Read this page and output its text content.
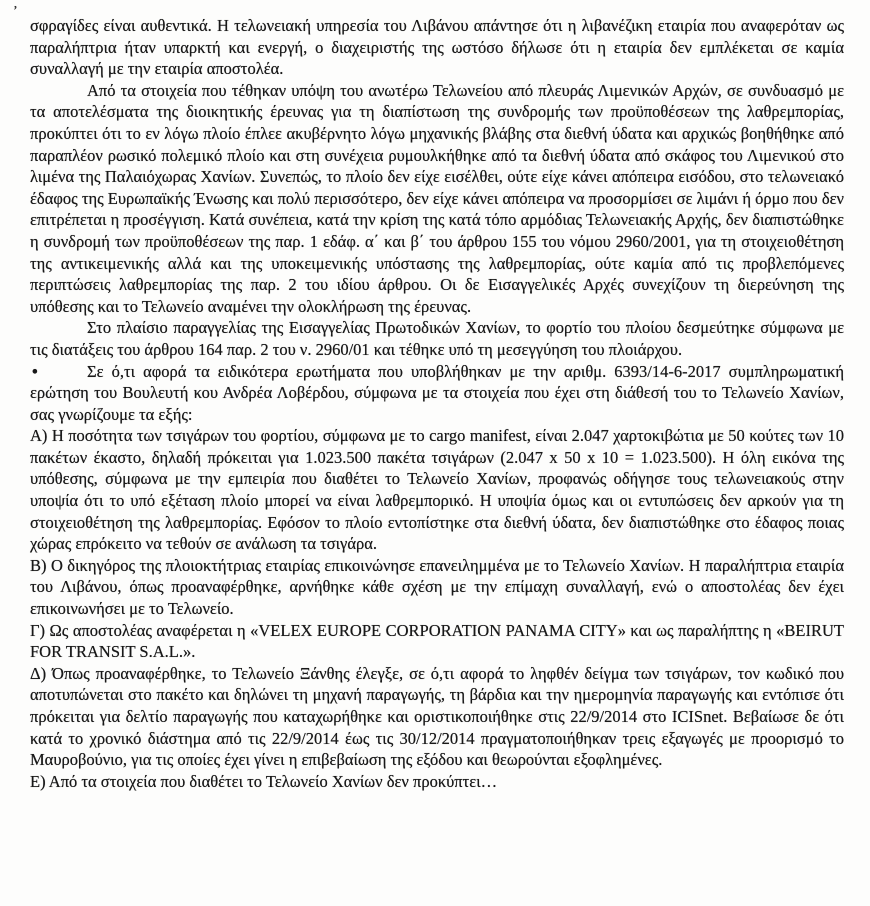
’

σφραγίδες είναι αυθεντικά. Η τελωνειακή υπηρεσία του Λιβάνου απάντησε ότι η λιβανέζικη εταιρία που αναφερόταν ως παραλήπτρια ήταν υπαρκτή και ενεργή, ο διαχειριστής της ωστόσο δήλωσε ότι η εταιρία δεν εμπλέκεται σε καμία συναλλαγή με την εταιρία αποστολέα.

Από τα στοιχεία που τέθηκαν υπόψη του ανωτέρω Τελωνείου από πλευράς Λιμενικών Αρχών, σε συνδυασμό με τα αποτελέσματα της διοικητικής έρευνας για τη διαπίστωση της συνδρομής των προϋποθέσεων της λαθρεμπορίας, προκύπτει ότι το εν λόγω πλοίο έπλεε ακυβέρνητο λόγω μηχανικής βλάβης στα διεθνή ύδατα και αρχικώς βοηθήθηκε από παραπλέον ρωσικό πολεμικό πλοίο και στη συνέχεια ρυμουλκήθηκε από τα διεθνή ύδατα από σκάφος του Λιμενικού στο λιμένα της Παλαιόχωρας Χανίων. Συνεπώς, το πλοίο δεν είχε εισέλθει, ούτε είχε κάνει απόπειρα εισόδου, στο τελωνειακό έδαφος της Ευρωπαϊκής Ένωσης και πολύ περισσότερο, δεν είχε κάνει απόπειρα να προσορμίσει σε λιμάνι ή όρμο που δεν επιτρέπεται η προσέγγιση. Κατά συνέπεια, κατά την κρίση της κατά τόπο αρμόδιας Τελωνειακής Αρχής, δεν διαπιστώθηκε η συνδρομή των προϋποθέσεων της παρ. 1 εδάφ. α΄ και β΄ του άρθρου 155 του νόμου 2960/2001, για τη στοιχειοθέτηση της αντικειμενικής αλλά και της υποκειμενικής υπόστασης της λαθρεμπορίας, ούτε καμία από τις προβλεπόμενες περιπτώσεις λαθρεμπορίας της παρ. 2 του ιδίου άρθρου. Οι δε Εισαγγελικές Αρχές συνεχίζουν τη διερεύνηση της υπόθεσης και το Τελωνείο αναμένει την ολοκλήρωση της έρευνας.

Στο πλαίσιο παραγγελίας της Εισαγγελίας Πρωτοδικών Χανίων, το φορτίο του πλοίου δεσμεύτηκε σύμφωνα με τις διατάξεις του άρθρου 164 παρ. 2 του ν. 2960/01 και τέθηκε υπό τη μεσεγγύηση του πλοιάρχου.

•	Σε ό,τι αφορά τα ειδικότερα ερωτήματα που υποβλήθηκαν με την αριθμ. 6393/14-6-2017 συμπληρωματική ερώτηση του Βουλευτή κου Ανδρέα Λοβέρδου, σύμφωνα με τα στοιχεία που έχει στη διάθεσή του το Τελωνείο Χανίων, σας γνωρίζουμε τα εξής:

Α) Η ποσότητα των τσιγάρων του φορτίου, σύμφωνα με το cargo manifest, είναι 2.047 χαρτοκιβώτια με 50 κούτες των 10 πακέτων έκαστο, δηλαδή πρόκειται για 1.023.500 πακέτα τσιγάρων (2.047 x 50 x 10 = 1.023.500). Η όλη εικόνα της υπόθεσης, σύμφωνα με την εμπειρία που διαθέτει το Τελωνείο Χανίων, προφανώς οδήγησε τους τελωνειακούς στην υποψία ότι το υπό εξέταση πλοίο μπορεί να είναι λαθρεμπορικό. Η υποψία όμως και οι εντυπώσεις δεν αρκούν για τη στοιχειοθέτηση της λαθρεμπορίας. Εφόσον το πλοίο εντοπίστηκε στα διεθνή ύδατα, δεν διαπιστώθηκε στο έδαφος ποιας χώρας επρόκειτο να τεθούν σε ανάλωση τα τσιγάρα.

Β) Ο δικηγόρος της πλοιοκτήτριας εταιρίας επικοινώνησε επανειλημμένα με το Τελωνείο Χανίων. Η παραλήπτρια εταιρία του Λιβάνου, όπως προαναφέρθηκε, αρνήθηκε κάθε σχέση με την επίμαχη συναλλαγή, ενώ ο αποστολέας δεν έχει επικοινωνήσει με το Τελωνείο.

Γ) Ως αποστολέας αναφέρεται η «VELEX EUROPE CORPORATION PANAMA CITY» και ως παραλήπτης η «BEIRUT FOR TRANSIT S.A.L.».

Δ) Όπως προαναφέρθηκε, το Τελωνείο Ξάνθης έλεγξε, σε ό,τι αφορά το ληφθέν δείγμα των τσιγάρων, τον κωδικό που αποτυπώνεται στο πακέτο και δηλώνει τη μηχανή παραγωγής, τη βάρδια και την ημερομηνία παραγωγής και εντόπισε ότι πρόκειται για δελτίο παραγωγής που καταχωρήθηκε και οριστικοποιήθηκε στις 22/9/2014 στο ICISnet. Βεβαίωσε δε ότι κατά το χρονικό διάστημα από τις 22/9/2014 έως τις 30/12/2014 πραγματοποιήθηκαν τρεις εξαγωγές με προορισμό το Μαυροβούνιο, για τις οποίες έχει γίνει η επιβεβαίωση της εξόδου και θεωρούνται εξοφλημένες.

Ε) Από τα στοιχεία που διαθέτει το Τελωνείο Χανίων δεν προκύπτει…
